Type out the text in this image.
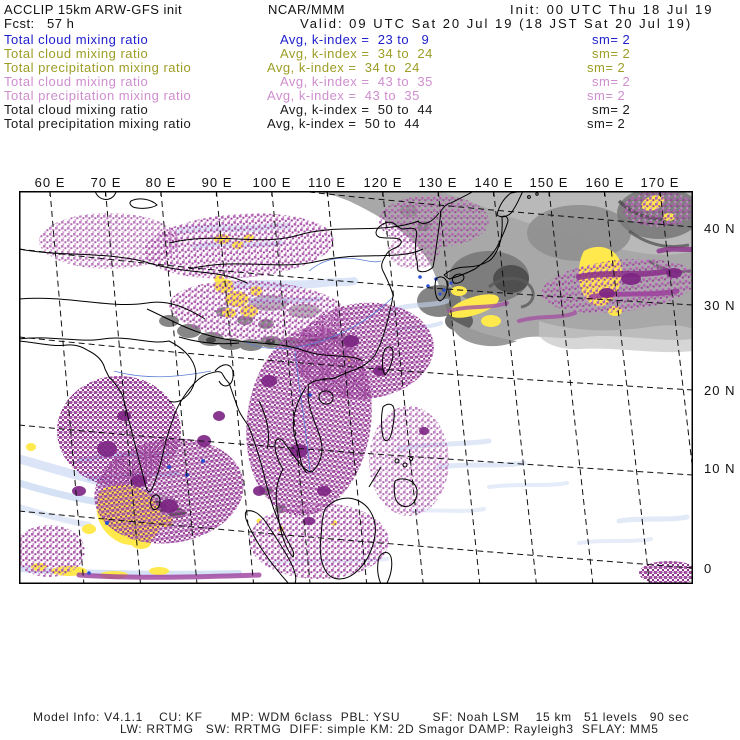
ACCLIP 15km ARW-GFS init	NCAR/MMM	Init: 00 UTC Thu 18 Jul 19
Fcst:   57 h	Valid: 09 UTC Sat 20 Jul 19 (18 JST Sat 20 Jul 19)
Total cloud mixing ratio	Avg, k-index =  23 to   9	sm= 2
Total cloud mixing ratio	Avg, k-index =  34 to  24	sm= 2
Total precipitation mixing ratio	Avg, k-index =  34 to  24	sm= 2
Total cloud mixing ratio	Avg, k-index =  43 to  35	sm= 2
Total precipitation mixing ratio	Avg, k-index =  43 to  35	sm= 2
Total cloud mixing ratio	Avg, k-index =  50 to  44	sm= 2
Total precipitation mixing ratio	Avg, k-index =  50 to  44	sm= 2
60 E	70 E	80 E	90 E	100 E	110 E	120 E	130 E	140 E	150 E	160 E	170 E
40 N
30 N
20 N
10 N
0
Model Info: V4.1.1    CU: KF       MP: WDM 6class  PBL: YSU        SF: Noah LSM    15 km   51 levels   90 sec
LW: RRTMG   SW: RRTMG  DIFF: simple KM: 2D Smagor DAMP: Rayleigh3  SFLAY: MM5
